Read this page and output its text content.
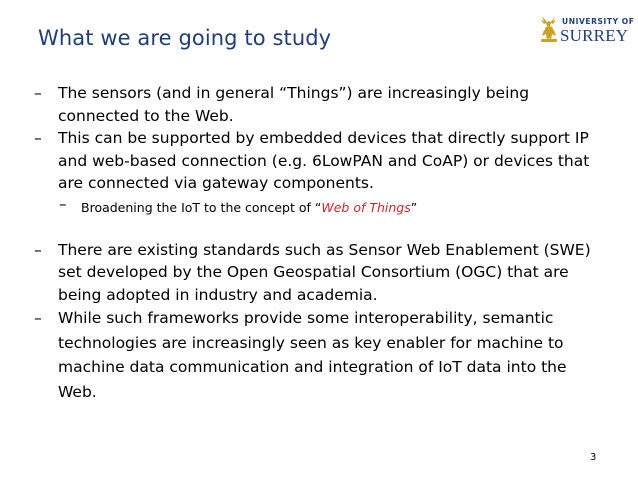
What we are going to study
UNIVERSITY OF
SURREY
– The sensors (and in general “Things”) are increasingly being connected to the Web.
– This can be supported by embedded devices that directly support IP and web-based connection (e.g. 6LowPAN and CoAP) or devices that are connected via gateway components.
– Broadening the IoT to the concept of “Web of Things”
– There are existing standards such as Sensor Web Enablement (SWE) set developed by the Open Geospatial Consortium (OGC) that are being adopted in industry and academia.
– While such frameworks provide some interoperability, semantic technologies are increasingly seen as key enabler for machine to machine data communication and integration of IoT data into the Web.
3
